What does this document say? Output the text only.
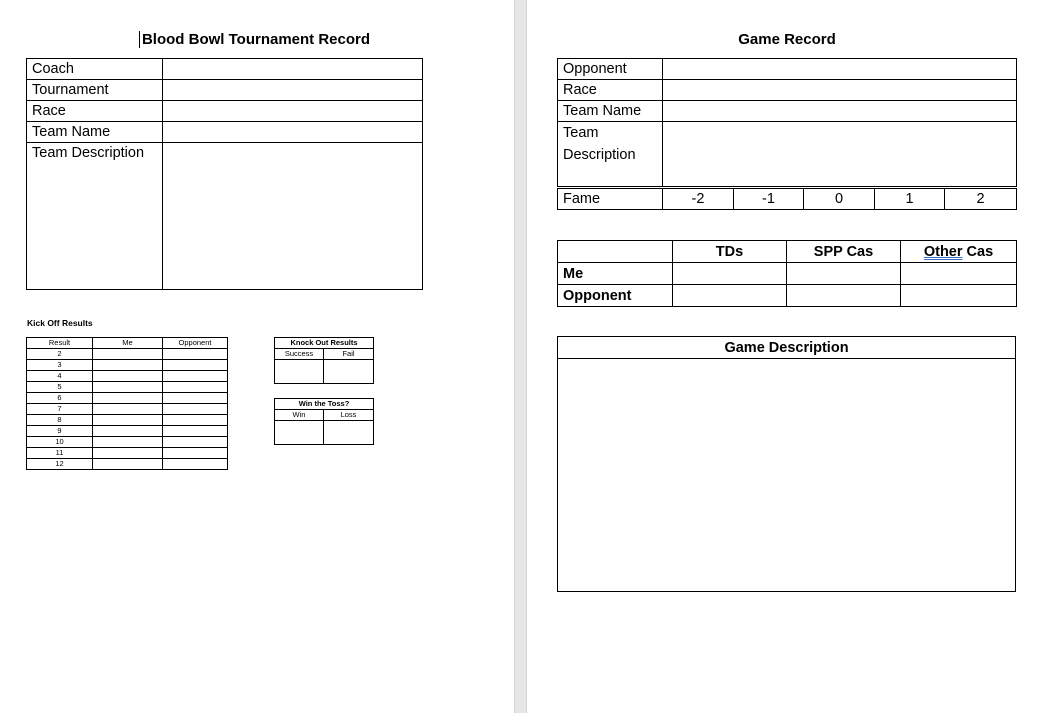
Blood Bowl Tournament Record
Coach	
Tournament	
Race	
Team Name	
Team Description	
Kick Off Results
Result	Me	Opponent
2		
3		
4		
5		
6		
7		
8		
9		
10		
11		
12		
Knock Out Results	
Success	Fail

Win the Toss?	
Win	Loss

Game Record
Opponent	
Race	
Team Name	
Team
Description	
Fame	-2	-1	0	1	2
	TDs	SPP Cas	Other Cas
Me			
Opponent			
Game Description
